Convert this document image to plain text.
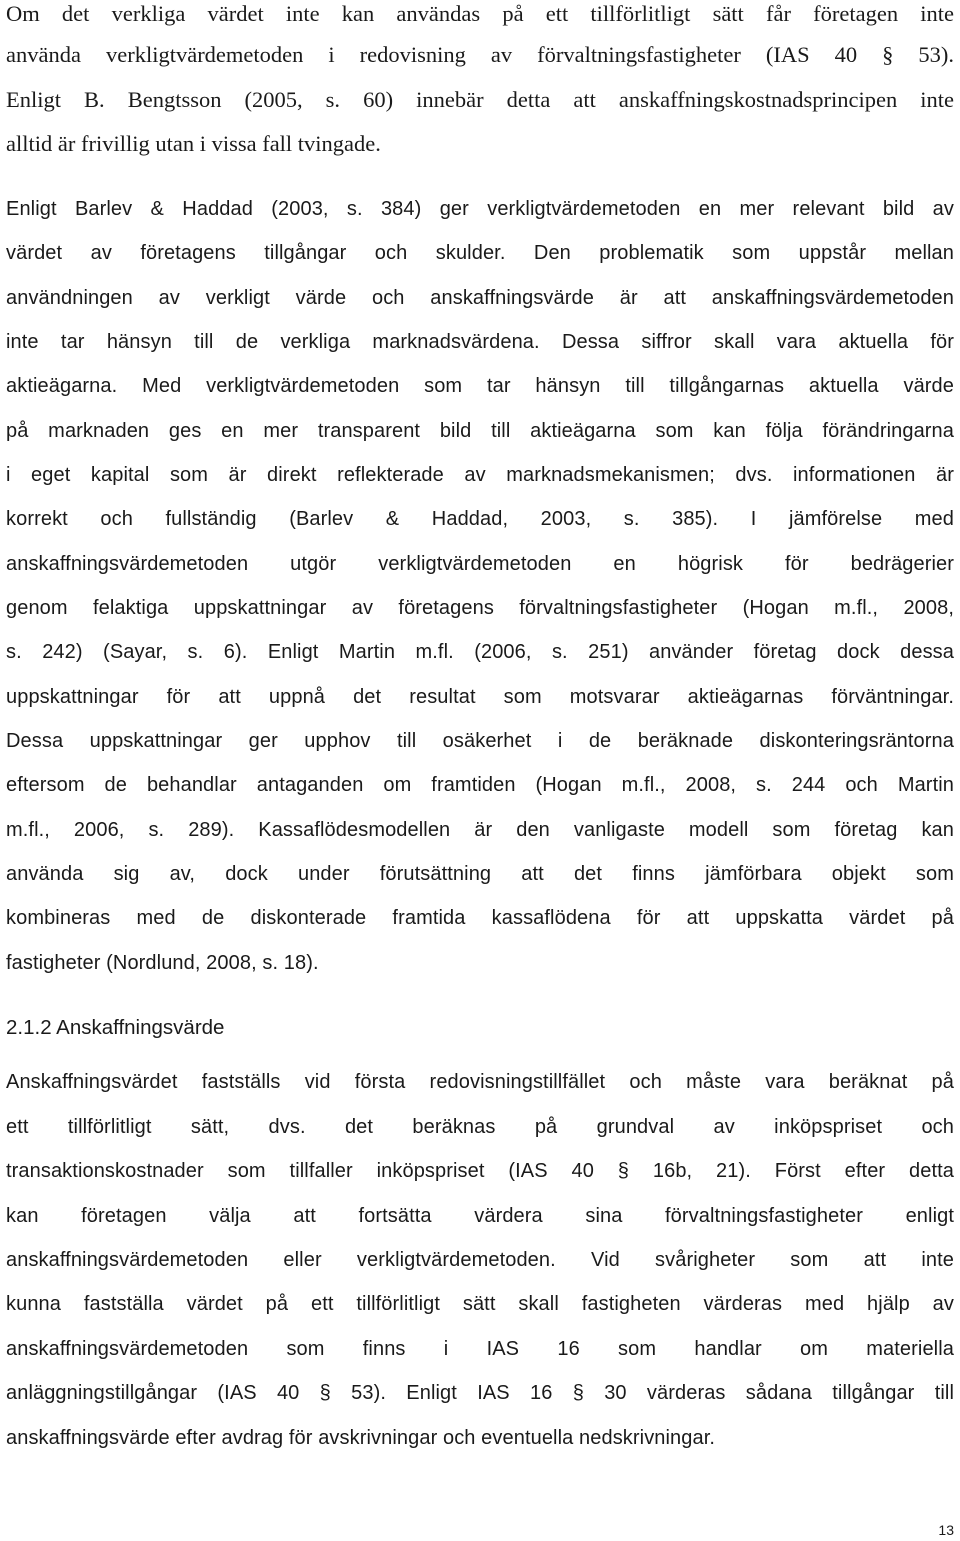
Om det verkliga värdet inte kan användas på ett tillförlitligt sätt får företagen inte
använda verkligtvärdemetoden i redovisning av förvaltningsfastigheter (IAS 40 § 53).
Enligt B. Bengtsson (2005, s. 60) innebär detta att anskaffningskostnadsprincipen inte
alltid är frivillig utan i vissa fall tvingade.
Enligt Barlev & Haddad (2003, s. 384) ger verkligtvärdemetoden en mer relevant bild av
värdet av företagens tillgångar och skulder. Den problematik som uppstår mellan
användningen av verkligt värde och anskaffningsvärde är att anskaffningsvärdemetoden
inte tar hänsyn till de verkliga marknadsvärdena. Dessa siffror skall vara aktuella för
aktieägarna. Med verkligtvärdemetoden som tar hänsyn till tillgångarnas aktuella värde
på marknaden ges en mer transparent bild till aktieägarna som kan följa förändringarna
i eget kapital som är direkt reflekterade av marknadsmekanismen; dvs. informationen är
korrekt och fullständig (Barlev & Haddad, 2003, s. 385). I jämförelse med
anskaffningsvärdemetoden utgör verkligtvärdemetoden en högrisk för bedrägerier
genom felaktiga uppskattningar av företagens förvaltningsfastigheter (Hogan m.fl., 2008,
s. 242) (Sayar, s. 6). Enligt Martin m.fl. (2006, s. 251) använder företag dock dessa
uppskattningar för att uppnå det resultat som motsvarar aktieägarnas förväntningar.
Dessa uppskattningar ger upphov till osäkerhet i de beräknade diskonteringsräntorna
eftersom de behandlar antaganden om framtiden (Hogan m.fl., 2008, s. 244 och Martin
m.fl., 2006, s. 289). Kassaflödesmodellen är den vanligaste modell som företag kan
använda sig av, dock under förutsättning att det finns jämförbara objekt som
kombineras med de diskonterade framtida kassaflödena för att uppskatta värdet på
fastigheter (Nordlund, 2008, s. 18).
2.1.2 Anskaffningsvärde
Anskaffningsvärdet fastställs vid första redovisningstillfället och måste vara beräknat på
ett tillförlitligt sätt, dvs. det beräknas på grundval av inköpspriset och
transaktionskostnader som tillfaller inköpspriset (IAS 40 § 16b, 21). Först efter detta
kan företagen välja att fortsätta värdera sina förvaltningsfastigheter enligt
anskaffningsvärdemetoden eller verkligtvärdemetoden. Vid svårigheter som att inte
kunna fastställa värdet på ett tillförlitligt sätt skall fastigheten värderas med hjälp av
anskaffningsvärdemetoden som finns i IAS 16 som handlar om materiella
anläggningstillgångar (IAS 40 § 53). Enligt IAS 16 § 30 värderas sådana tillgångar till
anskaffningsvärde efter avdrag för avskrivningar och eventuella nedskrivningar.
13
